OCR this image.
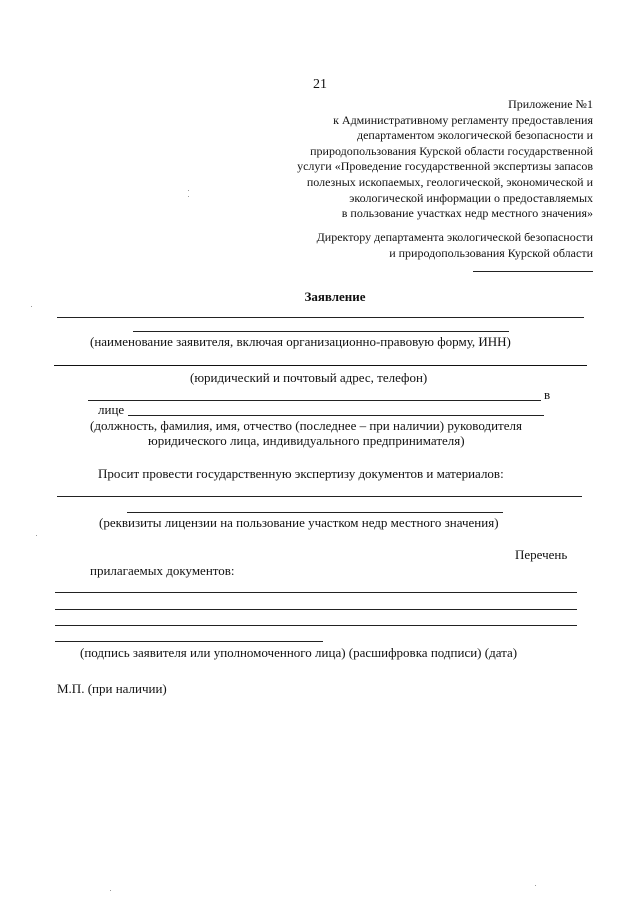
21
Приложение №1
к Административному регламенту предоставления
департаментом экологической безопасности и
природопользования Курской области государственной
услуги «Проведение государственной экспертизы запасов
полезных ископаемых, геологической, экономической и
экологической информации о предоставляемых
в пользование участках недр местного значения»
Директору департамента экологической безопасности
и природопользования Курской области
Заявление
(наименование заявителя, включая организационно-правовую форму, ИНН)
(юридический и почтовый адрес, телефон)
в
лице
(должность, фамилия, имя, отчество (последнее – при наличии) руководителя
юридического лица, индивидуального предпринимателя)
Просит провести государственную экспертизу документов и материалов:
(реквизиты лицензии на пользование участком недр местного значения)
Перечень
прилагаемых документов:
(подпись заявителя или уполномоченного лица) (расшифровка подписи) (дата)
М.П. (при наличии)
